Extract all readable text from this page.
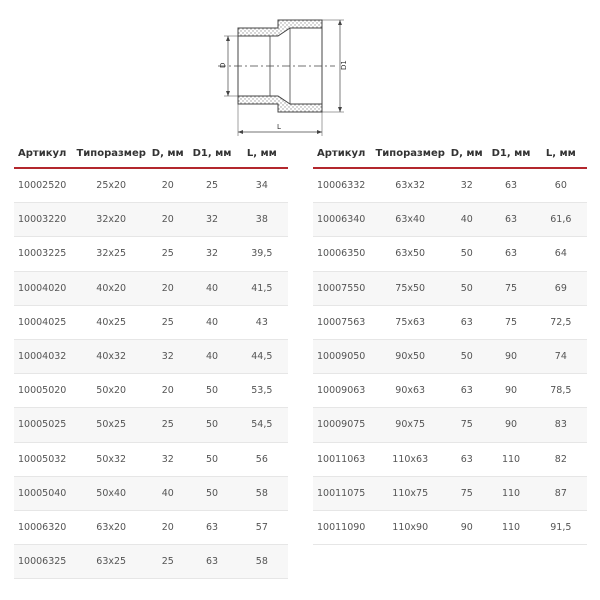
D	D1
L
Артикул	Типоразмер	D, мм	D1, мм	L, мм
10002520	25x20	20	25	34
10003220	32x20	20	32	38
10003225	32x25	25	32	39,5
10004020	40x20	20	40	41,5
10004025	40x25	25	40	43
10004032	40x32	32	40	44,5
10005020	50x20	20	50	53,5
10005025	50x25	25	50	54,5
10005032	50x32	32	50	56
10005040	50x40	40	50	58
10006320	63x20	20	63	57
10006325	63x25	25	63	58
Артикул	Типоразмер	D, мм	D1, мм	L, мм
10006332	63x32	32	63	60
10006340	63x40	40	63	61,6
10006350	63x50	50	63	64
10007550	75x50	50	75	69
10007563	75x63	63	75	72,5
10009050	90x50	50	90	74
10009063	90x63	63	90	78,5
10009075	90x75	75	90	83
10011063	110x63	63	110	82
10011075	110x75	75	110	87
10011090	110x90	90	110	91,5
